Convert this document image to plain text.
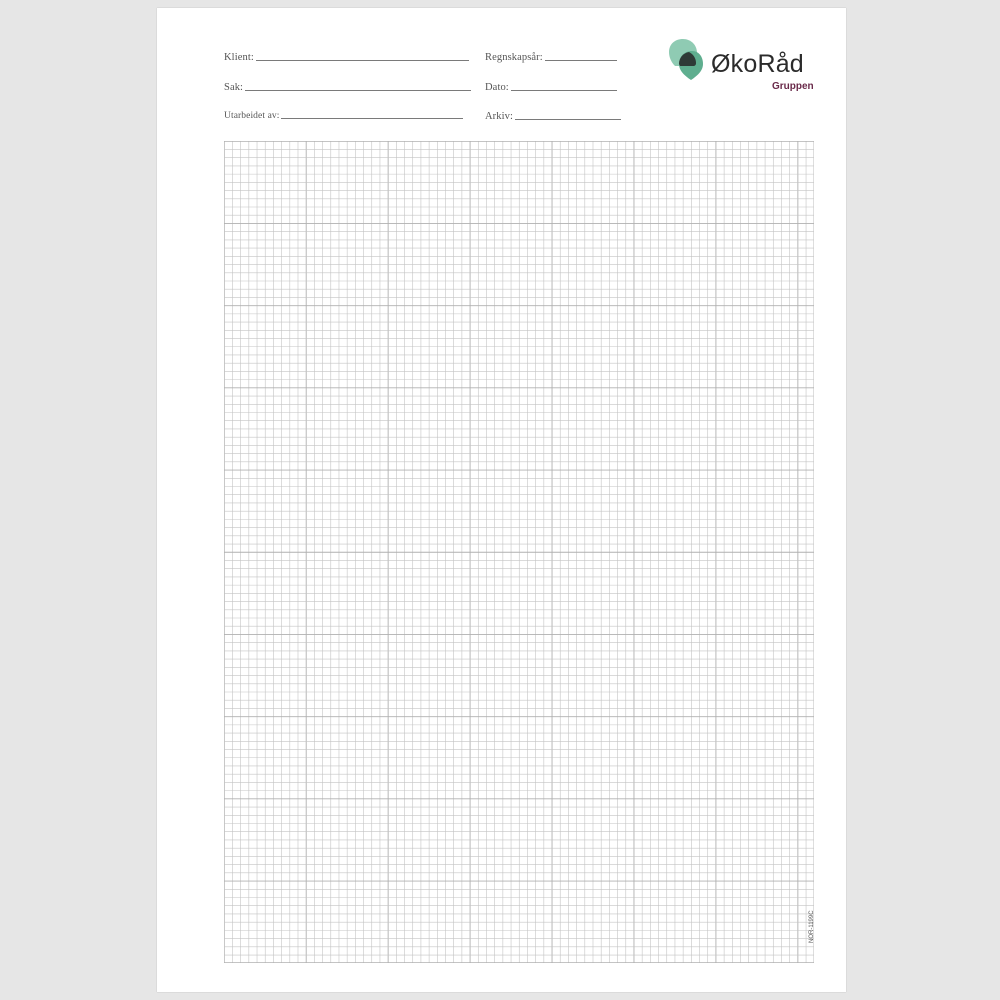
Klient:	Regnskapsår:
Sak:	Dato:
Utarbeidet av:	Arkiv:
ØkoRåd
Gruppen
NOR-1199C
